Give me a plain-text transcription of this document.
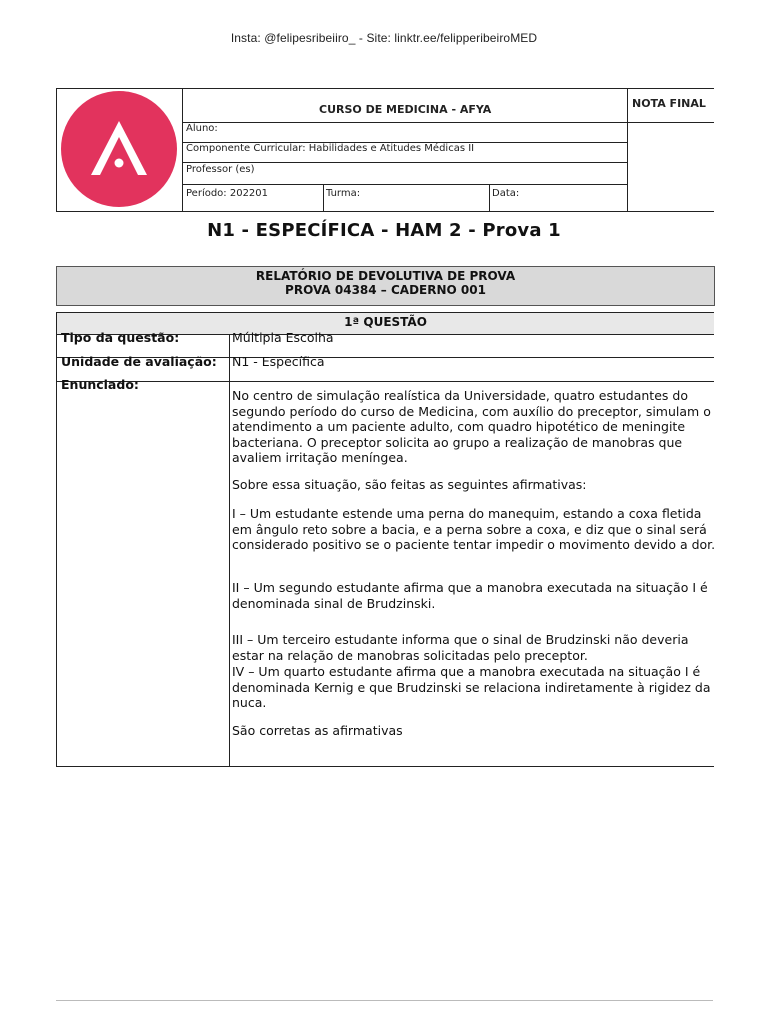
Insta: @felipesribeiiro_ - Site: linktr.ee/felipperibeiroMED
CURSO DE MEDICINA - AFYA	NOTA FINAL
Aluno:
Componente Curricular: Habilidades e Atitudes Médicas II
Professor (es)
Período: 202201	Turma:	Data:
N1 - ESPECÍFICA - HAM 2 - Prova 1
RELATÓRIO DE DEVOLUTIVA DE PROVA
PROVA 04384 – CADERNO 001
1ª QUESTÃO
Tipo da questão:	Múltipla Escolha
Unidade de avaliação: N1 - Específica
Enunciado:
No centro de simulação realística da Universidade, quatro estudantes do segundo período do curso de Medicina, com auxílio do preceptor, simulam o atendimento a um paciente adulto, com quadro hipotético de meningite bacteriana. O preceptor solicita ao grupo a realização de manobras que avaliem irritação meníngea.
Sobre essa situação, são feitas as seguintes afirmativas:
I – Um estudante estende uma perna do manequim, estando a coxa fletida em ângulo reto sobre a bacia, e a perna sobre a coxa, e diz que o sinal será considerado positivo se o paciente tentar impedir o movimento devido a dor.
II – Um segundo estudante afirma que a manobra executada na situação I é denominada sinal de Brudzinski.
III – Um terceiro estudante informa que o sinal de Brudzinski não deveria estar na relação de manobras solicitadas pelo preceptor.
IV – Um quarto estudante afirma que a manobra executada na situação I é denominada Kernig e que Brudzinski se relaciona indiretamente à rigidez da nuca.
São corretas as afirmativas
